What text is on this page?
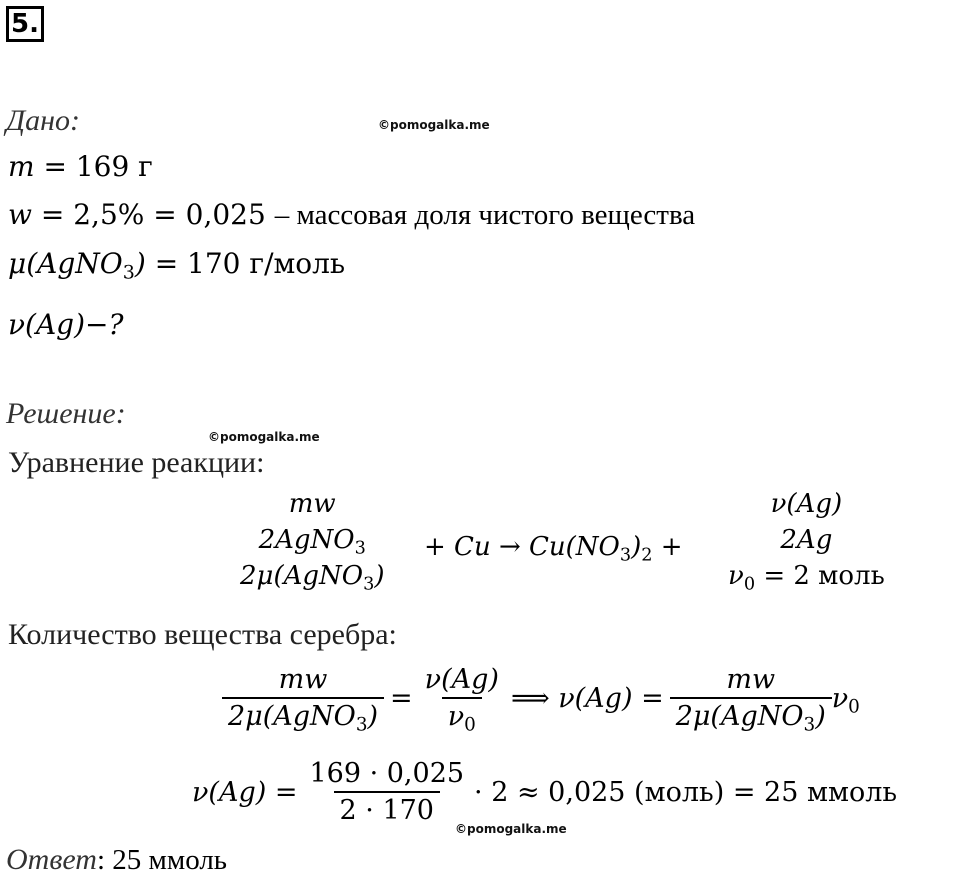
5.
©pomogalka.me
©pomogalka.me
©pomogalka.me
Дано:
m = 169 г
w = 2,5% = 0,025 – массовая доля чистого вещества
μ(AgNO$_3$) = 170 г/моль
ν(Ag)−?
Решение:
Уравнение реакции:
mw
2AgNO$_3$
2μ(AgNO$_3$)
+ $Cu \to Cu(NO_3)_2$ +
ν(Ag)
2Ag
$\nu_0 = 2$ моль
Количество вещества серебра:
$\frac{mw}{2\mu(AgNO_3)} = \frac{\nu(Ag)}{\nu_0}$ ⟹ $\nu(Ag) = \frac{mw}{2\mu(AgNO_3)} \nu_0$
$\nu(Ag) = \frac{169 \cdot 0,025}{2 \cdot 170} \cdot 2 \approx 0,025$ (моль) = 25 ммоль
Ответ: 25 ммоль
